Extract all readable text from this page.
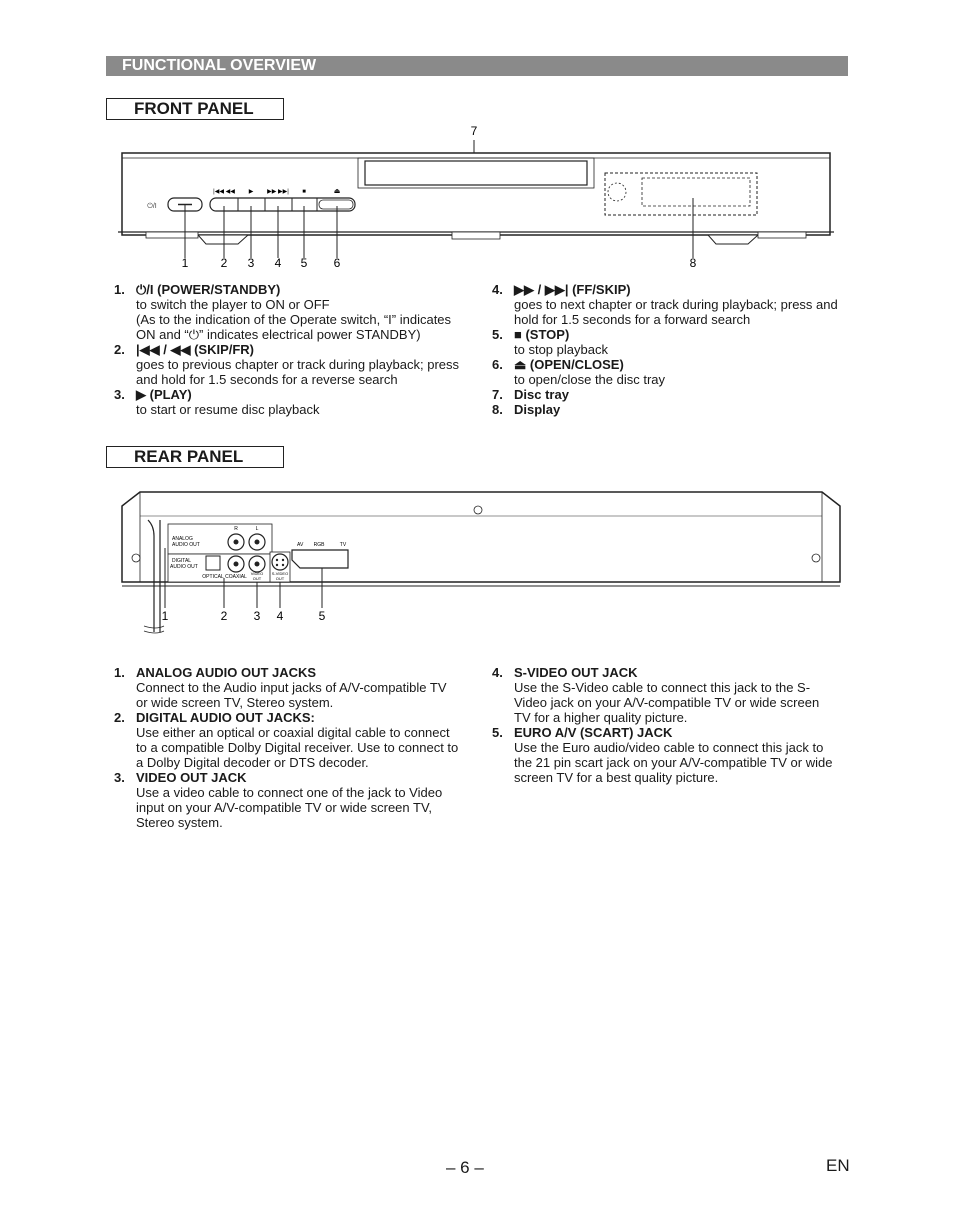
FUNCTIONAL OVERVIEW
FRONT PANEL
7
⏻/I
|◀◀ ◀◀ ▶ ▶▶ ▶▶| ■	⏏
1	2 3 4 5 6	8
1. ⏻/I (POWER/STANDBY)
to switch the player to ON or OFF
(As to the indication of the Operate switch, “I” indicates
ON and “⏻” indicates electrical power STANDBY)
2. |◀◀ / ◀◀ (SKIP/FR)
goes to previous chapter or track during playback; press
and hold for 1.5 seconds for a reverse search
3. ▶ (PLAY)
to start or resume disc playback
4. ▶▶ / ▶▶| (FF/SKIP)
goes to next chapter or track during playback; press and
hold for 1.5 seconds for a forward search
5. ■ (STOP)
to stop playback
6. ⏏ (OPEN/CLOSE)
to open/close the disc tray
7. Disc tray
8. Display
REAR PANEL
ANALOG
AUDIO OUT
R	L
DIGITAL
AUDIO OUT
OPTICAL COAXIAL
VIDEO
OUT
S-VIDEO
OUT
AV RGB	TV
1	2 3 4	5
1. ANALOG AUDIO OUT JACKS
Connect to the Audio input jacks of A/V-compatible TV
or wide screen TV, Stereo system.
2. DIGITAL AUDIO OUT JACKS:
Use either an optical or coaxial digital cable to connect
to a compatible Dolby Digital receiver. Use to connect to
a Dolby Digital decoder or DTS decoder.
3. VIDEO OUT JACK
Use a video cable to connect one of the jack to Video
input on your A/V-compatible TV or wide screen TV,
Stereo system.
4. S-VIDEO OUT JACK
Use the S-Video cable to connect this jack to the S-
Video jack on your A/V-compatible TV or wide screen
TV for a higher quality picture.
5. EURO A/V (SCART) JACK
Use the Euro audio/video cable to connect this jack to
the 21 pin scart jack on your A/V-compatible TV or wide
screen TV for a best quality picture.
– 6 –	EN
